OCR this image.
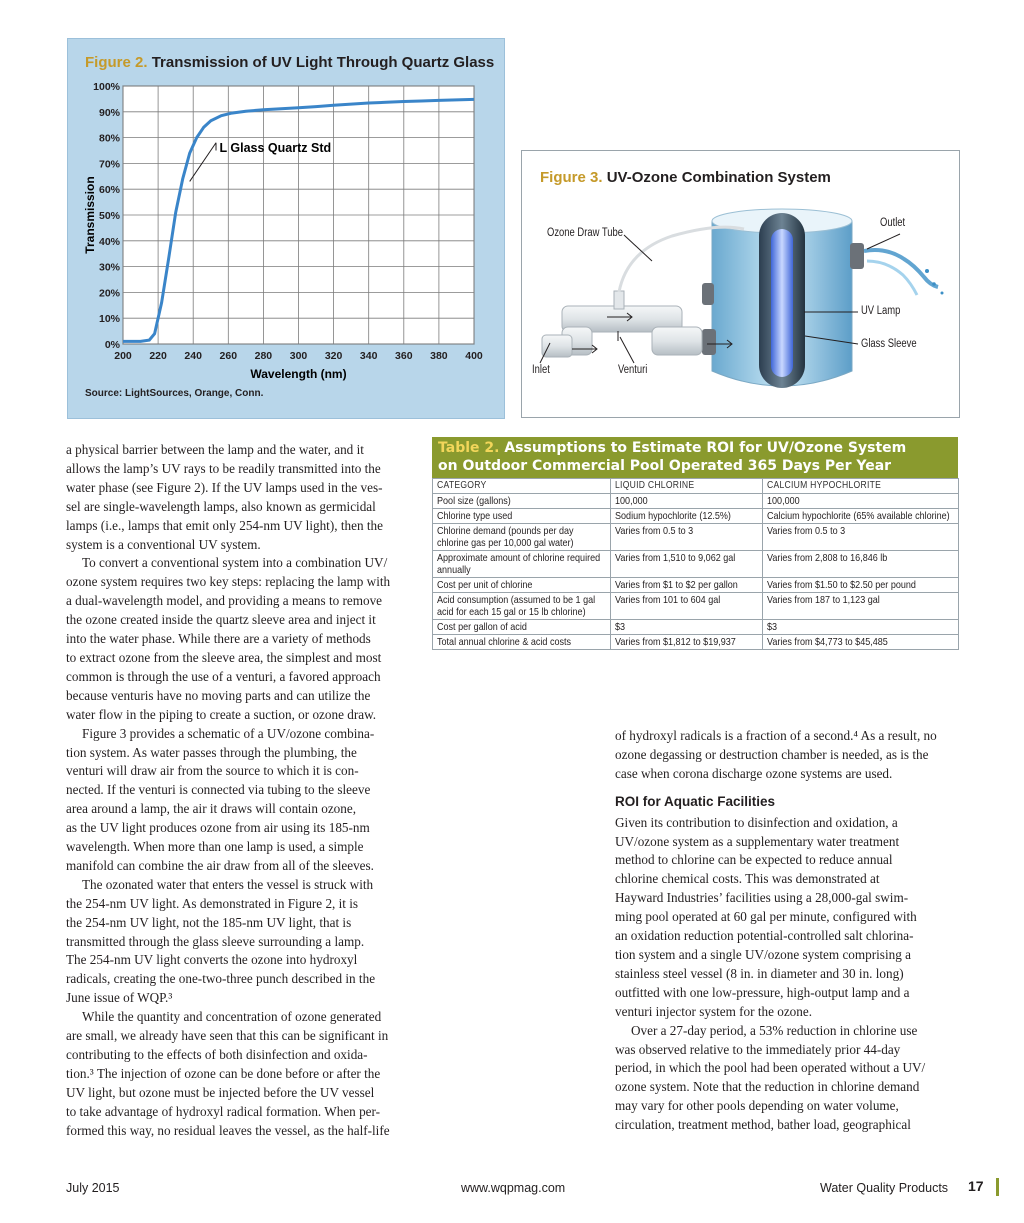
Figure 2. Transmission of UV Light Through Quartz Glass
200 220 240 260 280 300 320 340 360 380 400
0%
10%
20%
30%
40%
50%
60%
70%
80%
90%
100%
Transmission
Wavelength (nm)
L Glass Quartz Std
Source: LightSources, Orange, Conn.
Figure 3. UV-Ozone Combination System
Ozone Draw Tube
Outlet
UV Lamp
Glass Sleeve
Inlet	Venturi
Table 2. Assumptions to Estimate ROI for UV/Ozone System
on Outdoor Commercial Pool Operated 365 Days Per Year
CATEGORY	LIQUID CHLORINE	CALCIUM HYPOCHLORITE
Pool size (gallons)	100,000	100,000
Chlorine type used	Sodium hypochlorite (12.5%)	Calcium hypochlorite (65% available chlorine)
Chlorine demand (pounds per day chlorine gas per 10,000 gal water)	Varies from 0.5 to 3	Varies from 0.5 to 3
Approximate amount of chlorine required annually	Varies from 1,510 to 9,062 gal	Varies from 2,808 to 16,846 lb
Cost per unit of chlorine	Varies from $1 to $2 per gallon	Varies from $1.50 to $2.50 per pound
Acid consumption (assumed to be 1 gal acid for each 15 gal or 15 lb chlorine)	Varies from 101 to 604 gal	Varies from 187 to 1,123 gal
Cost per gallon of acid	$3	$3
Total annual chlorine & acid costs	Varies from $1,812 to $19,937	Varies from $4,773 to $45,485
a physical barrier between the lamp and the water, and it
allows the lamp’s UV rays to be readily transmitted into the
water phase (see Figure 2). If the UV lamps used in the ves-
sel are single-wavelength lamps, also known as germicidal
lamps (i.e., lamps that emit only 254-nm UV light), then the
system is a conventional UV system.
To convert a conventional system into a combination UV/
ozone system requires two key steps: replacing the lamp with
a dual-wavelength model, and providing a means to remove
the ozone created inside the quartz sleeve area and inject it
into the water phase. While there are a variety of methods
to extract ozone from the sleeve area, the simplest and most
common is through the use of a venturi, a favored approach
because venturis have no moving parts and can utilize the
water flow in the piping to create a suction, or ozone draw.
Figure 3 provides a schematic of a UV/ozone combina-
tion system. As water passes through the plumbing, the
venturi will draw air from the source to which it is con-
nected. If the venturi is connected via tubing to the sleeve
area around a lamp, the air it draws will contain ozone,
as the UV light produces ozone from air using its 185-nm
wavelength. When more than one lamp is used, a simple
manifold can combine the air draw from all of the sleeves.
The ozonated water that enters the vessel is struck with
the 254-nm UV light. As demonstrated in Figure 2, it is
the 254-nm UV light, not the 185-nm UV light, that is
transmitted through the glass sleeve surrounding a lamp.
The 254-nm UV light converts the ozone into hydroxyl
radicals, creating the one-two-three punch described in the
June issue of WQP.³
While the quantity and concentration of ozone generated
are small, we already have seen that this can be significant in
contributing to the effects of both disinfection and oxida-
tion.³ The injection of ozone can be done before or after the
UV light, but ozone must be injected before the UV vessel
to take advantage of hydroxyl radical formation. When per-
formed this way, no residual leaves the vessel, as the half-life
of hydroxyl radicals is a fraction of a second.⁴ As a result, no
ozone degassing or destruction chamber is needed, as is the
case when corona discharge ozone systems are used.
ROI for Aquatic Facilities
Given its contribution to disinfection and oxidation, a
UV/ozone system as a supplementary water treatment
method to chlorine can be expected to reduce annual
chlorine chemical costs. This was demonstrated at
Hayward Industries’ facilities using a 28,000-gal swim-
ming pool operated at 60 gal per minute, configured with
an oxidation reduction potential-controlled salt chlorina-
tion system and a single UV/ozone system comprising a
stainless steel vessel (8 in. in diameter and 30 in. long)
outfitted with one low-pressure, high-output lamp and a
venturi injector system for the ozone.
Over a 27-day period, a 53% reduction in chlorine use
was observed relative to the immediately prior 44-day
period, in which the pool had been operated without a UV/
ozone system. Note that the reduction in chlorine demand
may vary for other pools depending on water volume,
circulation, treatment method, bather load, geographical
July 2015	www.wqpmag.com	Water Quality Products 17
